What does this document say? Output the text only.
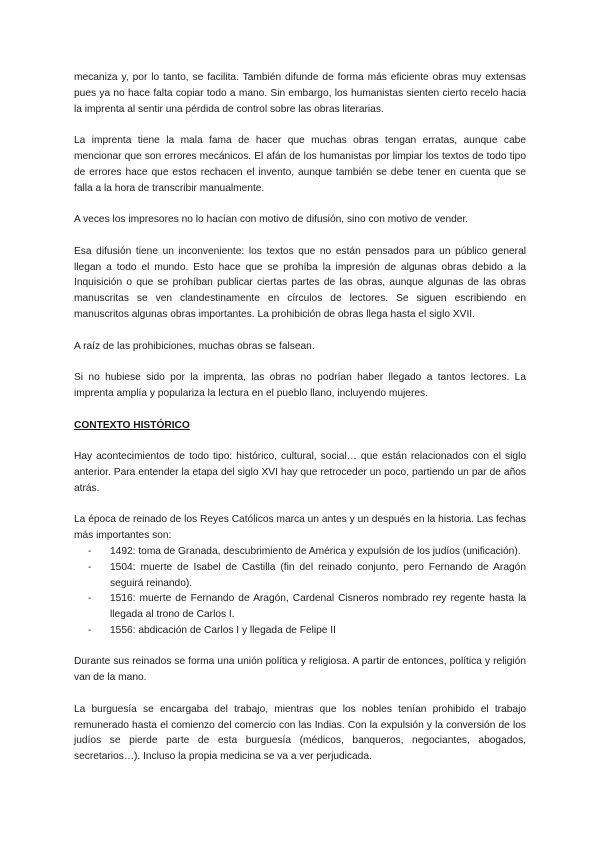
mecaniza y, por lo tanto, se facilita. También difunde de forma más eficiente obras muy extensas pues ya no hace falta copiar todo a mano. Sin embargo, los humanistas sienten cierto recelo hacia la imprenta al sentir una pérdida de control sobre las obras literarias.

La imprenta tiene la mala fama de hacer que muchas obras tengan erratas, aunque cabe mencionar que son errores mecánicos. El afán de los humanistas por limpiar los textos de todo tipo de errores hace que estos rechacen el invento, aunque también se debe tener en cuenta que se falla a la hora de transcribir manualmente.

A veces los impresores no lo hacían con motivo de difusión, sino con motivo de vender.

Esa difusión tiene un inconveniente: los textos que no están pensados para un público general llegan a todo el mundo. Esto hace que se prohíba la impresión de algunas obras debido a la Inquisición o que se prohíban publicar ciertas partes de las obras, aunque algunas de las obras manuscritas se ven clandestinamente en círculos de lectores. Se siguen escribiendo en manuscritos algunas obras importantes. La prohibición de obras llega hasta el siglo XVII.

A raíz de las prohibiciones, muchas obras se falsean.

Si no hubiese sido por la imprenta, las obras no podrían haber llegado a tantos lectores. La imprenta amplía y populariza la lectura en el pueblo llano, incluyendo mujeres.

CONTEXTO HISTÓRICO

Hay acontecimientos de todo tipo: histórico, cultural, social… que están relacionados con el siglo anterior. Para entender la etapa del siglo XVI hay que retroceder un poco, partiendo un par de años atrás.

La época de reinado de los Reyes Católicos marca un antes y un después en la historia. Las fechas más importantes son:

- 1492: toma de Granada, descubrimiento de América y expulsión de los judíos (unificación).
- 1504: muerte de Isabel de Castilla (fin del reinado conjunto, pero Fernando de Aragón seguirá reinando).
- 1516: muerte de Fernando de Aragón, Cardenal Cisneros nombrado rey regente hasta la llegada al trono de Carlos I.
- 1556: abdicación de Carlos I y llegada de Felipe II

Durante sus reinados se forma una unión política y religiosa. A partir de entonces, política y religión van de la mano.

La burguesía se encargaba del trabajo, mientras que los nobles tenían prohibido el trabajo remunerado hasta el comienzo del comercio con las Indias. Con la expulsión y la conversión de los judíos se pierde parte de esta burguesía (médicos, banqueros, negociantes, abogados, secretarios…). Incluso la propia medicina se va a ver perjudicada.
